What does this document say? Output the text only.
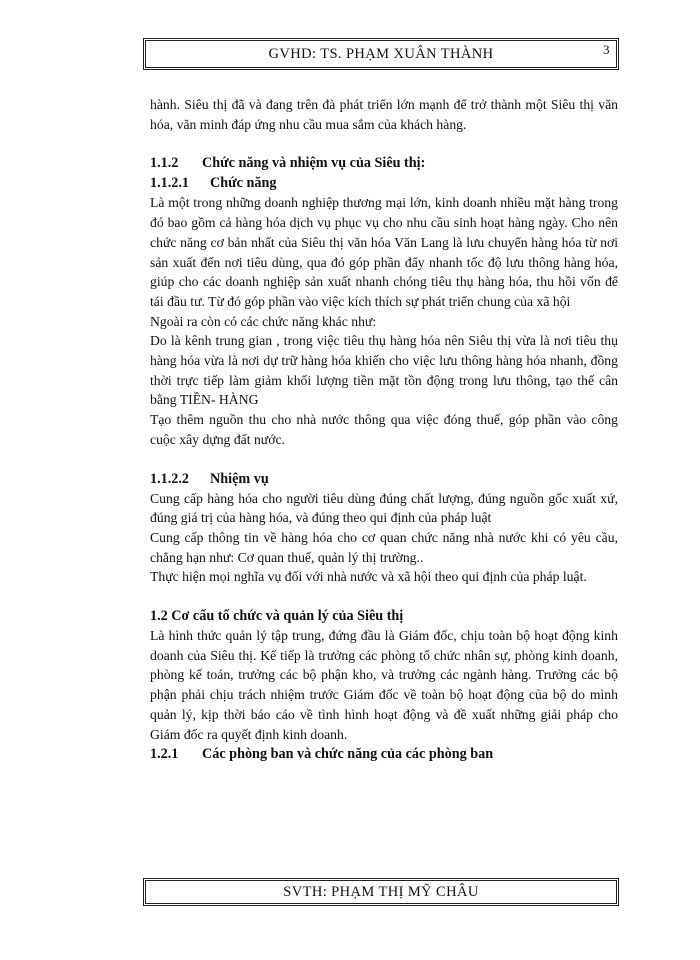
GVHD: TS. PHẠM XUÂN THÀNH	3

hành. Siêu thị đã và đang trên đà phát triển lớn mạnh để trở thành một Siêu thị văn hóa, văn minh đáp ứng nhu cầu mua sắm của khách hàng.

1.1.2 Chức năng và nhiệm vụ của Siêu thị:

1.1.2.1 Chức năng

Là một trong những doanh nghiệp thương mại lớn, kinh doanh nhiều mặt hàng trong đó bao gồm cả hàng hóa dịch vụ phục vụ cho nhu cầu sinh hoạt hàng ngày. Cho nên chức năng cơ bản nhất của Siêu thị văn hóa Văn Lang là lưu chuyển hàng hóa từ nơi sản xuất đến nơi tiêu dùng, qua đó góp phần đẩy nhanh tốc độ lưu thông hàng hóa, giúp cho các doanh nghiệp sản xuất nhanh chóng tiêu thụ hàng hóa, thu hồi vốn để tái đầu tư. Từ đó góp phần vào việc kích thích sự phát triển chung của xã hội

Ngoài ra còn có các chức năng khác như:

Do là kênh trung gian , trong việc tiêu thụ hàng hóa nên Siêu thị vừa là nơi tiêu thụ hàng hóa vừa là nơi dự trữ hàng hóa khiến cho việc lưu thông hàng hóa nhanh, đồng thời trực tiếp làm giảm khối lượng tiền mặt tồn động trong lưu thông, tạo thế cân bằng TIỀN- HÀNG

Tạo thêm nguồn thu cho nhà nước thông qua việc đóng thuế, góp phần vào công cuộc xây dựng đất nước.

1.1.2.2 Nhiệm vụ

Cung cấp hàng hóa cho người tiêu dùng đúng chất lượng, đúng nguồn gốc xuất xứ, đúng giá trị của hàng hóa, và đúng theo qui định của pháp luật

Cung cấp thông tin về hàng hóa cho cơ quan chức năng nhà nước khi có yêu cầu, chẳng hạn như: Cơ quan thuế, quản lý thị trường..

Thực hiện mọi nghĩa vụ đối với nhà nước và xã hội theo qui định của pháp luật.

1.2 Cơ cấu tổ chức và quản lý của Siêu thị

Là hình thức quản lý tập trung, đứng đầu là Giám đốc, chịu toàn bộ hoạt động kinh doanh của Siêu thị. Kế tiếp là trưởng các phòng tổ chức nhân sự, phòng kinh doanh, phòng kế toán, trưởng các bộ phận kho, và trưởng các ngành hàng. Trưởng các bộ phận phải chịu trách nhiệm trước Giám đốc về toàn bộ hoạt động của bộ do mình quản lý, kịp thời báo cáo về tình hình hoạt động và đề xuất những giải pháp cho Giám đốc ra quyết định kinh doanh.

1.2.1 Các phòng ban và chức năng của các phòng ban

SVTH: PHẠM THỊ MỸ CHÂU
